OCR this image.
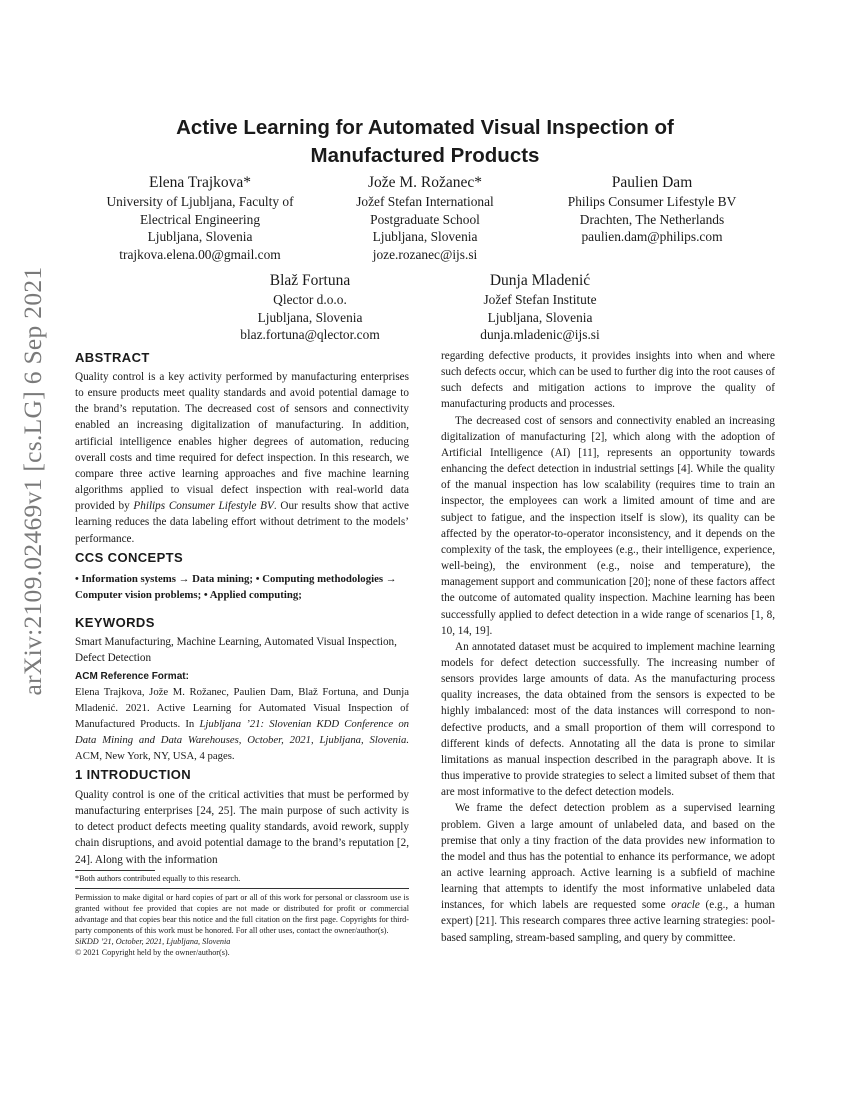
arXiv:2109.02469v1 [cs.LG] 6 Sep 2021
Active Learning for Automated Visual Inspection of
Manufactured Products
Elena Trajkova*
University of Ljubljana, Faculty of
Electrical Engineering
Ljubljana, Slovenia
trajkova.elena.00@gmail.com
Jože M. Rožanec*
Jožef Stefan International
Postgraduate School
Ljubljana, Slovenia
joze.rozanec@ijs.si
Paulien Dam
Philips Consumer Lifestyle BV
Drachten, The Netherlands
paulien.dam@philips.com
Blaž Fortuna
Qlector d.o.o.
Ljubljana, Slovenia
blaz.fortuna@qlector.com
Dunja Mladenić
Jožef Stefan Institute
Ljubljana, Slovenia
dunja.mladenic@ijs.si
ABSTRACT

Quality control is a key activity performed by manufacturing enterprises to ensure products meet quality standards and avoid potential damage to the brand’s reputation. The decreased cost of sensors and connectivity enabled an increasing digitalization of manufacturing. In addition, artificial intelligence enables higher degrees of automation, reducing overall costs and time required for defect inspection. In this research, we compare three active learning approaches and five machine learning algorithms applied to visual defect inspection with real-world data provided by Philips Consumer Lifestyle BV. Our results show that active learning reduces the data labeling effort without detriment to the models’ performance.

CCS CONCEPTS

• Information systems → Data mining; • Computing methodologies → Computer vision problems; • Applied computing;

KEYWORDS

Smart Manufacturing, Machine Learning, Automated Visual Inspection, Defect Detection

ACM Reference Format:

Elena Trajkova, Jože M. Rožanec, Paulien Dam, Blaž Fortuna, and Dunja Mladenić. 2021. Active Learning for Automated Visual Inspection of Manufactured Products. In Ljubljana ’21: Slovenian KDD Conference on Data Mining and Data Warehouses, October, 2021, Ljubljana, Slovenia. ACM, New York, NY, USA, 4 pages.

1 INTRODUCTION

Quality control is one of the critical activities that must be performed by manufacturing enterprises [24, 25]. The main purpose of such activity is to detect product defects meeting quality standards, avoid rework, supply chain disruptions, and avoid potential damage to the brand’s reputation [2, 24]. Along with the information

*Both authors contributed equally to this research.

Permission to make digital or hard copies of part or all of this work for personal or classroom use is granted without fee provided that copies are not made or distributed for profit or commercial advantage and that copies bear this notice and the full citation on the first page. Copyrights for third-party components of this work must be honored. For all other uses, contact the owner/author(s).

SiKDD ’21, October, 2021, Ljubljana, Slovenia

© 2021 Copyright held by the owner/author(s).

regarding defective products, it provides insights into when and where such defects occur, which can be used to further dig into the root causes of such defects and mitigation actions to improve the quality of manufacturing products and processes.

The decreased cost of sensors and connectivity enabled an increasing digitalization of manufacturing [2], which along with the adoption of Artificial Intelligence (AI) [11], represents an opportunity towards enhancing the defect detection in industrial settings [4]. While the quality of the manual inspection has low scalability (requires time to train an inspector, the employees can work a limited amount of time and are subject to fatigue, and the inspection itself is slow), its quality can be affected by the operator-to-operator inconsistency, and it depends on the complexity of the task, the employees (e.g., their intelligence, experience, well-being), the environment (e.g., noise and temperature), the management support and communication [20]; none of these factors affect the outcome of automated quality inspection. Machine learning has been successfully applied to defect detection in a wide range of scenarios [1, 8, 10, 14, 19].

An annotated dataset must be acquired to implement machine learning models for defect detection successfully. The increasing number of sensors provides large amounts of data. As the manufacturing process quality increases, the data obtained from the sensors is expected to be highly imbalanced: most of the data instances will correspond to non-defective products, and a small proportion of them will correspond to different kinds of defects. Annotating all the data is prone to similar limitations as manual inspection described in the paragraph above. It is thus imperative to provide strategies to select a limited subset of them that are most informative to the defect detection models.

We frame the defect detection problem as a supervised learning problem. Given a large amount of unlabeled data, and based on the premise that only a tiny fraction of the data provides new information to the model and thus has the potential to enhance its performance, we adopt an active learning approach. Active learning is a subfield of machine learning that attempts to identify the most informative unlabeled data instances, for which labels are requested some oracle (e.g., a human expert) [21]. This research compares three active learning strategies: pool-based sampling, stream-based sampling, and query by committee.
